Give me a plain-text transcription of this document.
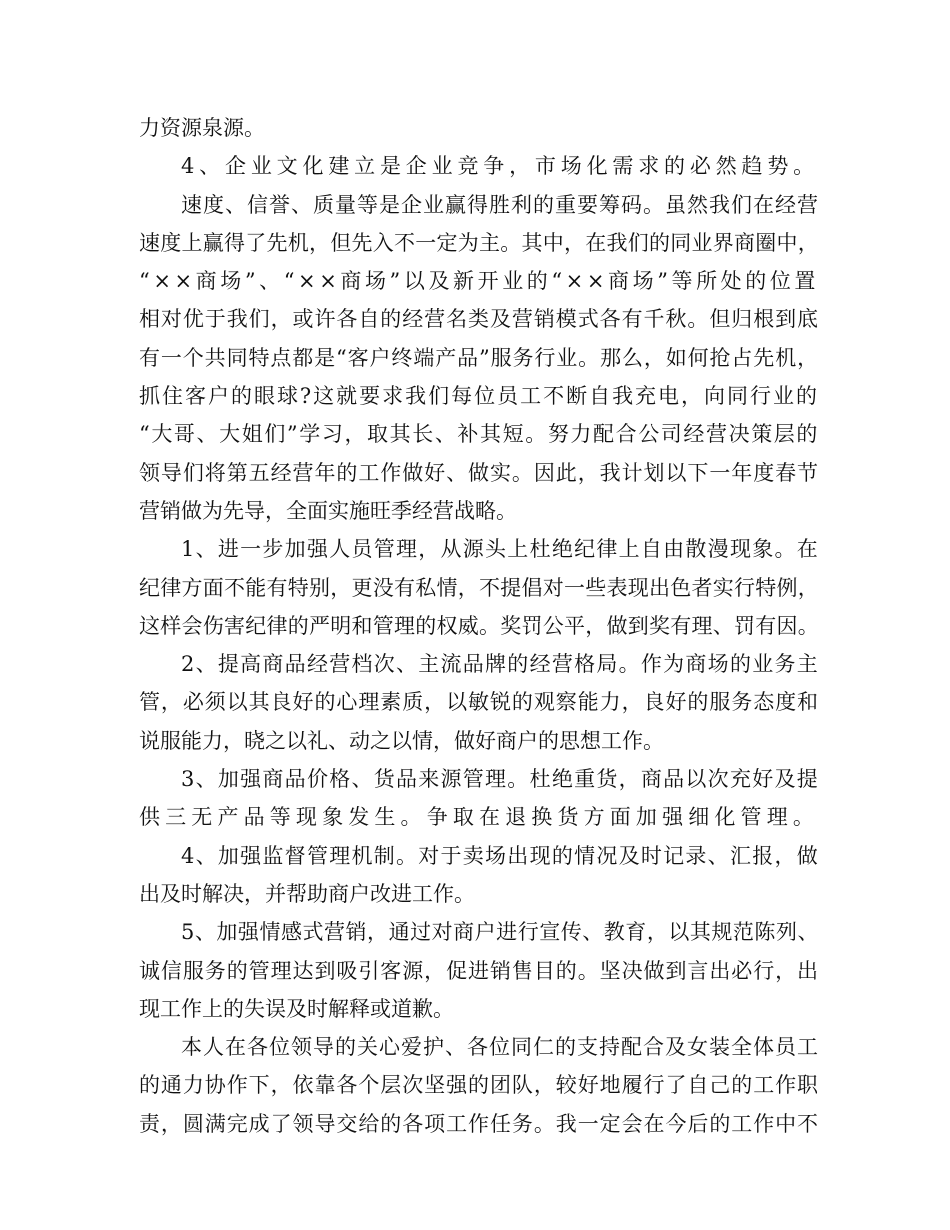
力资源泉源。
4、企业文化建立是企业竞争，市场化需求的必然趋势。
速度、信誉、质量等是企业赢得胜利的重要筹码。虽然我们在经营
速度上赢得了先机，但先入不一定为主。其中，在我们的同业界商圈中，
“××商场”、“××商场”以及新开业的“××商场”等所处的位置
相对优于我们，或许各自的经营名类及营销模式各有千秋。但归根到底
有一个共同特点都是“客户终端产品”服务行业。那么，如何抢占先机，
抓住客户的眼球?这就要求我们每位员工不断自我充电，向同行业的
“大哥、大姐们”学习，取其长、补其短。努力配合公司经营决策层的
领导们将第五经营年的工作做好、做实。因此，我计划以下一年度春节
营销做为先导，全面实施旺季经营战略。
1、进一步加强人员管理，从源头上杜绝纪律上自由散漫现象。在
纪律方面不能有特别，更没有私情，不提倡对一些表现出色者实行特例，
这样会伤害纪律的严明和管理的权威。奖罚公平，做到奖有理、罚有因。
2、提高商品经营档次、主流品牌的经营格局。作为商场的业务主
管，必须以其良好的心理素质，以敏锐的观察能力，良好的服务态度和
说服能力，晓之以礼、动之以情，做好商户的思想工作。
3、加强商品价格、货品来源管理。杜绝重货，商品以次充好及提
供三无产品等现象发生。争取在退换货方面加强细化管理。
4、加强监督管理机制。对于卖场出现的情况及时记录、汇报，做
出及时解决，并帮助商户改进工作。
5、加强情感式营销，通过对商户进行宣传、教育，以其规范陈列、
诚信服务的管理达到吸引客源，促进销售目的。坚决做到言出必行，出
现工作上的失误及时解释或道歉。
本人在各位领导的关心爱护、各位同仁的支持配合及女装全体员工
的通力协作下，依靠各个层次坚强的团队，较好地履行了自己的工作职
责，圆满完成了领导交给的各项工作任务。我一定会在今后的工作中不
